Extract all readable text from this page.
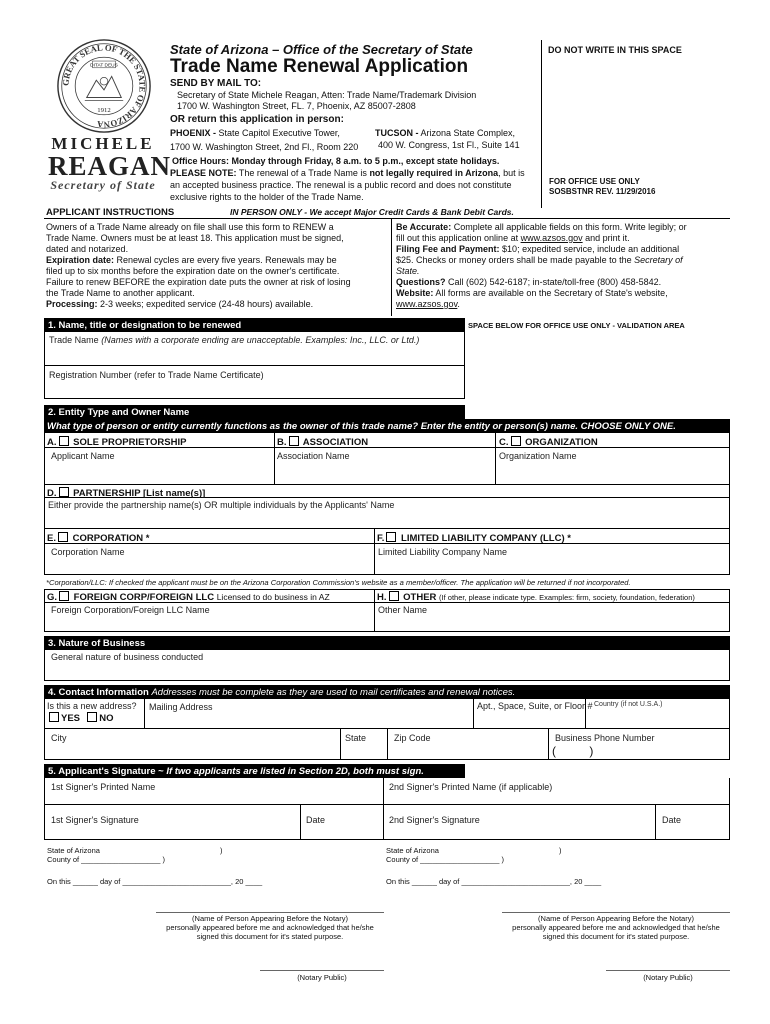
GREAT SEAL OF THE STATE OF ARIZONA
DITAT DEUS
1912
MICHELE
REAGAN
Secretary of State
State of Arizona – Office of the Secretary of State
Trade Name Renewal Application
DO NOT WRITE IN THIS SPACE
SEND BY MAIL TO:
Secretary of State Michele Reagan, Atten: Trade Name/Trademark Division
1700 W. Washington Street, FL. 7, Phoenix, AZ 85007-2808
OR return this application in person:
PHOENIX - State Capitol Executive Tower,
1700 W. Washington Street, 2nd Fl., Room 220
TUCSON - Arizona State Complex,
400 W. Congress, 1st Fl., Suite 141
Office Hours: Monday through Friday, 8 a.m. to 5 p.m., except state holidays.
PLEASE NOTE: The renewal of a Trade Name is not legally required in Arizona, but is
an accepted business practice. The renewal is a public record and does not constitute
exclusive rights to the holder of the Trade Name.
FOR OFFICE USE ONLY
SOSBSTNR REV. 11/29/2016
APPLICANT INSTRUCTIONS	IN PERSON ONLY - We accept Major Credit Cards & Bank Debit Cards.
Owners of a Trade Name already on file shall use this form to RENEW a
Trade Name. Owners must be at least 18. This application must be signed,
dated and notarized.
Expiration date: Renewal cycles are every five years. Renewals may be
filed up to six months before the expiration date on the owner's certificate.
Failure to renew BEFORE the expiration date puts the owner at risk of losing
the Trade Name to another applicant.
Processing: 2-3 weeks; expedited service (24-48 hours) available.
Be Accurate: Complete all applicable fields on this form. Write legibly; or
fill out this application online at www.azsos.gov and print it.
Filing Fee and Payment: $10; expedited service, include an additional
$25. Checks or money orders shall be made payable to the Secretary of
State.
Questions? Call (602) 542-6187; in-state/toll-free (800) 458-5842.
Website: All forms are available on the Secretary of State's website,
www.azsos.gov.
1. Name, title or designation to be renewed	SPACE BELOW FOR OFFICE USE ONLY - VALIDATION AREA
Trade Name (Names with a corporate ending are unacceptable. Examples: Inc., LLC. or Ltd.)
Registration Number (refer to Trade Name Certificate)
2. Entity Type and Owner Name
What type of person or entity currently functions as the owner of this trade name? Enter the entity or person(s) name. CHOOSE ONLY ONE.
A. SOLE PROPRIETORSHIP
Applicant Name
B. ASSOCIATION
Association Name
C. ORGANIZATION
Organization Name
D. PARTNERSHIP [List name(s)]
Either provide the partnership name(s) OR multiple individuals by the Applicants' Name
E. CORPORATION *
Corporation Name
F. LIMITED LIABILITY COMPANY (LLC) *
Limited Liability Company Name
*Corporation/LLC: If checked the applicant must be on the Arizona Corporation Commission's website as a member/officer. The application will be returned if not incorporated.
G. FOREIGN CORP/FOREIGN LLC Licensed to do business in AZ
Foreign Corporation/Foreign LLC Name
H. OTHER (If other, please indicate type. Examples: firm, society, foundation, federation)
Other Name
3. Nature of Business
General nature of business conducted
4. Contact Information Addresses must be complete as they are used to mail certificates and renewal notices.
Is this a new address?
YES NO
Mailing Address	Apt., Space, Suite, or Floor # Country (if not U.S.A.)
City	State	Zip Code	Business Phone Number
(          )
5. Applicant's Signature ~ If two applicants are listed in Section 2D, both must sign.
1st Signer's Printed Name	2nd Signer's Printed Name (if applicable)
1st Signer's Signature	Date	2nd Signer's Signature	Date
State of Arizona	)
County of ___________________ )
On this ______ day of __________________________, 20 ____
(Name of Person Appearing Before the Notary)
personally appeared before me and acknowledged that he/she
signed this document for it's stated purpose.
(Notary Public)
State of Arizona	)
County of ___________________ )
On this ______ day of __________________________, 20 ____
(Name of Person Appearing Before the Notary)
personally appeared before me and acknowledged that he/she
signed this document for it's stated purpose.
(Notary Public)
